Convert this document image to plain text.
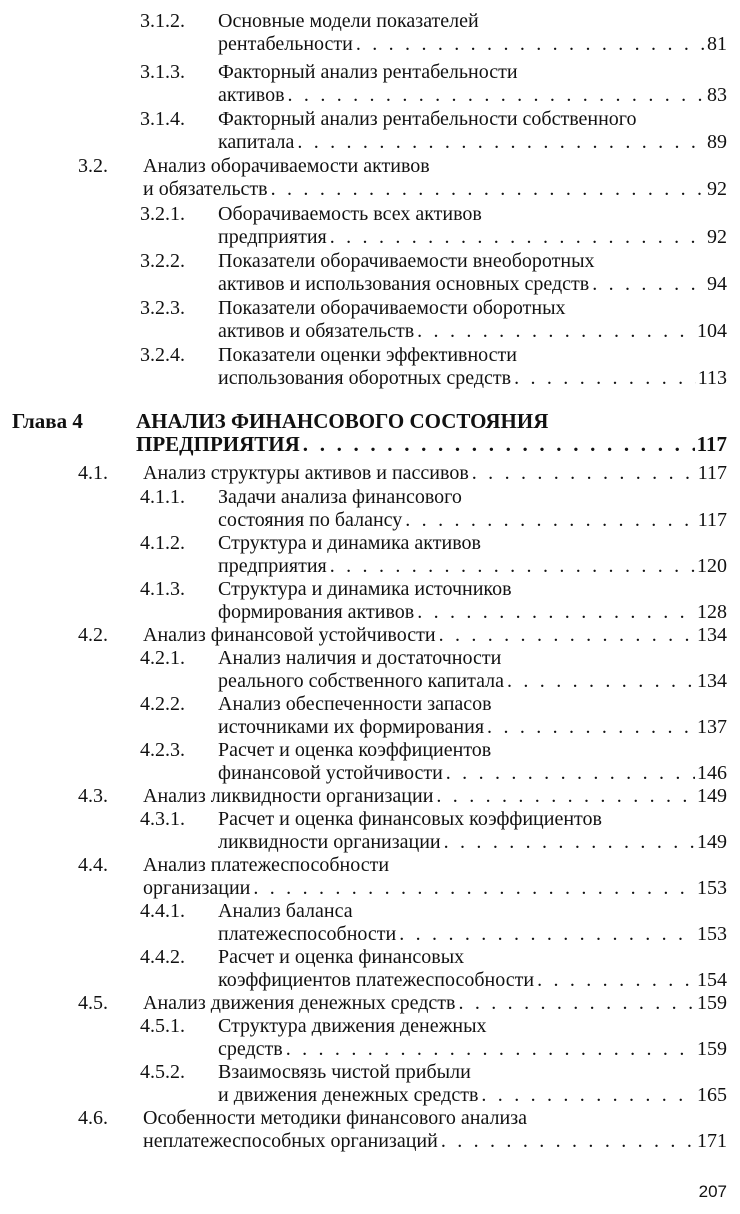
3.1.2. Основные модели показателей
рентабельности . . .	81
3.1.3. Факторный анализ рентабельности
активов . . .	83
3.1.4. Факторный анализ рентабельности собственного
капитала . . .	89
3.2. Анализ оборачиваемости активов
и обязательств . . .	92
3.2.1. Оборачиваемость всех активов
предприятия . . .	92
3.2.2. Показатели оборачиваемости внеоборотных
активов и использования основных средств . . .	94
3.2.3. Показатели оборачиваемости оборотных
активов и обязательств . . .	104
3.2.4. Показатели оценки эффективности
использования оборотных средств . . .	113
Глава 4	АНАЛИЗ ФИНАНСОВОГО СОСТОЯНИЯ
ПРЕДПРИЯТИЯ . . .	117
4.1. Анализ структуры активов и пассивов . . .	117
4.1.1. Задачи анализа финансового
состояния по балансу . . .	117
4.1.2. Структура и динамика активов
предприятия . . .	120
4.1.3. Структура и динамика источников
формирования активов . . .	128
4.2. Анализ финансовой устойчивости . . .	134
4.2.1. Анализ наличия и достаточности
реального собственного капитала . . .	134
4.2.2. Анализ обеспеченности запасов
источниками их формирования . . .	137
4.2.3. Расчет и оценка коэффициентов
финансовой устойчивости . . .	146
4.3. Анализ ликвидности организации . . .	149
4.3.1. Расчет и оценка финансовых коэффициентов
ликвидности организации . . .	149
4.4. Анализ платежеспособности
организации . . .	153
4.4.1. Анализ баланса
платежеспособности . . .	153
4.4.2. Расчет и оценка финансовых
коэффициентов платежеспособности . . .	154
4.5. Анализ движения денежных средств . . .	159
4.5.1. Структура движения денежных
средств . . .	159
4.5.2. Взаимосвязь чистой прибыли
и движения денежных средств . . .	165
4.6. Особенности методики финансового анализа
неплатежеспособных организаций . . .	171
207
